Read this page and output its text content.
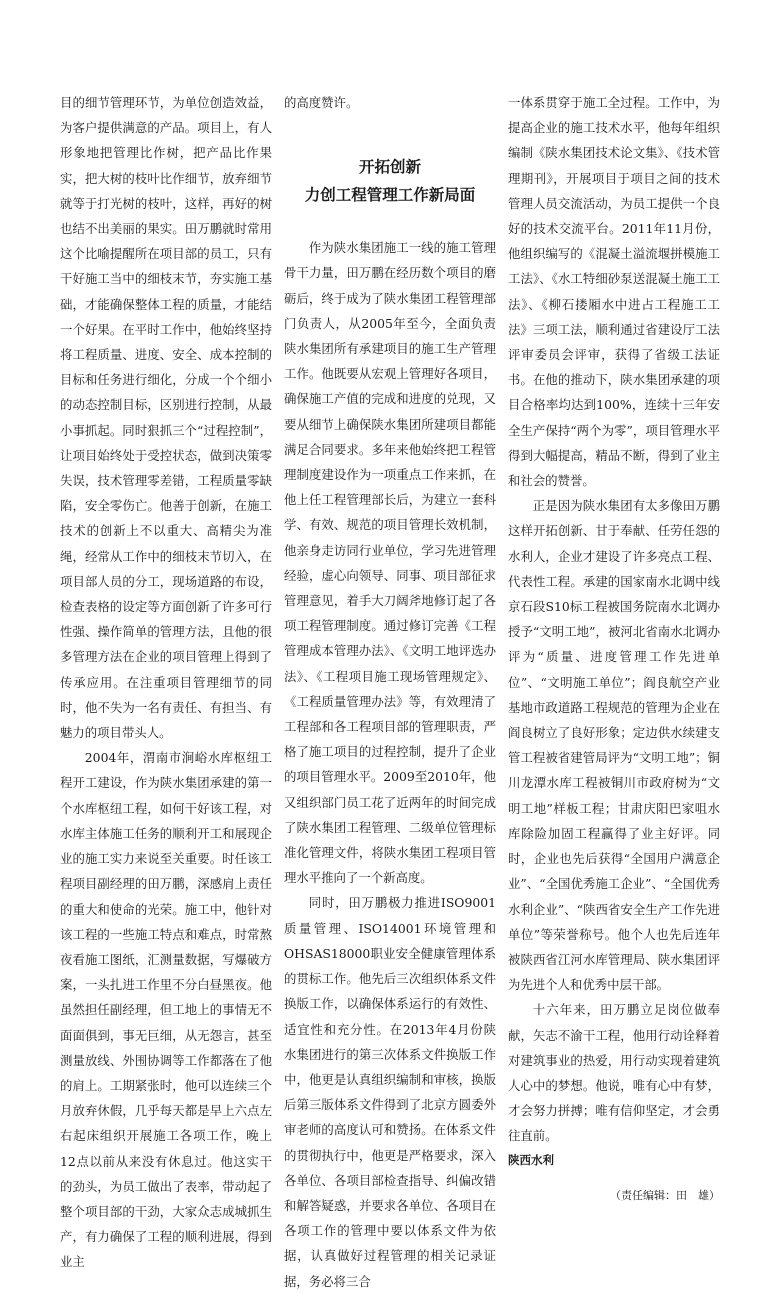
目的细节管理环节，为单位创造效益，为客户提供满意的产品。项目上，有人形象地把管理比作树，把产品比作果实，把大树的枝叶比作细节，放弃细节就等于打光树的枝叶，这样，再好的树也结不出美丽的果实。田万鹏就时常用这个比喻提醒所在项目部的员工，只有干好施工当中的细枝末节，夯实施工基础，才能确保整体工程的质量，才能结一个好果。在平时工作中，他始终坚持将工程质量、进度、安全、成本控制的目标和任务进行细化，分成一个个细小的动态控制目标，区别进行控制，从最小事抓起。同时狠抓三个“过程控制”，让项目始终处于受控状态，做到决策零失误，技术管理零差错，工程质量零缺陷，安全零伤亡。他善于创新，在施工技术的创新上不以重大、高精尖为准绳，经常从工作中的细枝末节切入，在项目部人员的分工，现场道路的布设，检查表格的设定等方面创新了许多可行性强、操作简单的管理方法，且他的很多管理方法在企业的项目管理上得到了传承应用。在注重项目管理细节的同时，他不失为一名有责任、有担当、有魅力的项目带头人。

2004年，渭南市涧峪水库枢纽工程开工建设，作为陕水集团承建的第一个水库枢纽工程，如何干好该工程，对水库主体施工任务的顺利开工和展现企业的施工实力来说至关重要。时任该工程项目副经理的田万鹏，深感肩上责任的重大和使命的光荣。施工中，他针对该工程的一些施工特点和难点，时常熬夜看施工图纸，汇测量数据，写爆破方案，一头扎进工作里不分白昼黑夜。他虽然担任副经理，但工地上的事情无不面面俱到，事无巨细，从无怨言，甚至测量放线、外围协调等工作都落在了他的肩上。工期紧张时，他可以连续三个月放弃休假，几乎每天都是早上六点左右起床组织开展施工各项工作，晚上12点以前从来没有休息过。他这实干的劲头，为员工做出了表率，带动起了整个项目部的干劲，大家众志成城抓生产，有力确保了工程的顺利进展，得到业主

的高度赞许。

开拓创新
力创工程管理工作新局面

作为陕水集团施工一线的施工管理骨干力量，田万鹏在经历数个项目的磨砺后，终于成为了陕水集团工程管理部门负责人，从2005年至今，全面负责陕水集团所有承建项目的施工生产管理工作。他既要从宏观上管理好各项目，确保施工产值的完成和进度的兑现，又要从细节上确保陕水集团所建项目都能满足合同要求。多年来他始终把工程管理制度建设作为一项重点工作来抓，在他上任工程管理部长后，为建立一套科学、有效、规范的项目管理长效机制，他亲身走访同行业单位，学习先进管理经验，虚心向领导、同事、项目部征求管理意见，着手大刀阔斧地修订起了各项工程管理制度。通过修订完善《工程管理成本管理办法》、《文明工地评选办法》、《工程项目施工现场管理规定》、《工程质量管理办法》等，有效理清了工程部和各工程项目部的管理职责，严格了施工项目的过程控制，提升了企业的项目管理水平。2009至2010年，他又组织部门员工花了近两年的时间完成了陕水集团工程管理、二级单位管理标准化管理文件，将陕水集团工程项目管理水平推向了一个新高度。

同时，田万鹏极力推进ISO9001质量管理、ISO14001环境管理和OHSAS18000职业安全健康管理体系的贯标工作。他先后三次组织体系文件换版工作，以确保体系运行的有效性、适宜性和充分性。在2013年4月份陕水集团进行的第三次体系文件换版工作中，他更是认真组织编制和审核，换版后第三版体系文件得到了北京方圆委外审老师的高度认可和赞扬。在体系文件的贯彻执行中，他更是严格要求，深入各单位、各项目部检查指导、纠偏改错和解答疑惑，并要求各单位、各项目在各项工作的管理中要以体系文件为依据，认真做好过程管理的相关记录证据，务必将三合

一体系贯穿于施工全过程。工作中，为提高企业的施工技术水平，他每年组织编制《陕水集团技术论文集》、《技术管理期刊》，开展项目于项目之间的技术管理人员交流活动，为员工提供一个良好的技术交流平台。2011年11月份，他组织编写的《混凝土溢流堰拼模施工工法》、《水工特细砂泵送混凝土施工工法》、《柳石搂厢水中进占工程施工工法》三项工法，顺利通过省建设厅工法评审委员会评审，获得了省级工法证书。在他的推动下，陕水集团承建的项目合格率均达到100%，连续十三年安全生产保持“两个为零”，项目管理水平得到大幅提高，精品不断，得到了业主和社会的赞誉。

正是因为陕水集团有太多像田万鹏这样开拓创新、甘于奉献、任劳任怨的水利人，企业才建设了许多亮点工程、代表性工程。承建的国家南水北调中线京石段S10标工程被国务院南水北调办授予“文明工地”，被河北省南水北调办评为“质量、进度管理工作先进单位”、“文明施工单位”；阎良航空产业基地市政道路工程规范的管理为企业在阎良树立了良好形象；定边供水续建支管工程被省建管局评为“文明工地”；铜川龙潭水库工程被铜川市政府树为“文明工地”样板工程；甘肃庆阳巴家咀水库除险加固工程赢得了业主好评。同时，企业也先后获得“全国用户满意企业”、“全国优秀施工企业”、“全国优秀水利企业”、“陕西省安全生产工作先进单位”等荣誉称号。他个人也先后连年被陕西省江河水库管理局、陕水集团评为先进个人和优秀中层干部。

十六年来，田万鹏立足岗位做奉献，矢志不渝干工程，他用行动诠释着对建筑事业的热爱，用行动实现着建筑人心中的梦想。他说，唯有心中有梦，才会努力拼搏；唯有信仰坚定，才会勇往直前。

陕西水利

（责任编辑：田　雄）
